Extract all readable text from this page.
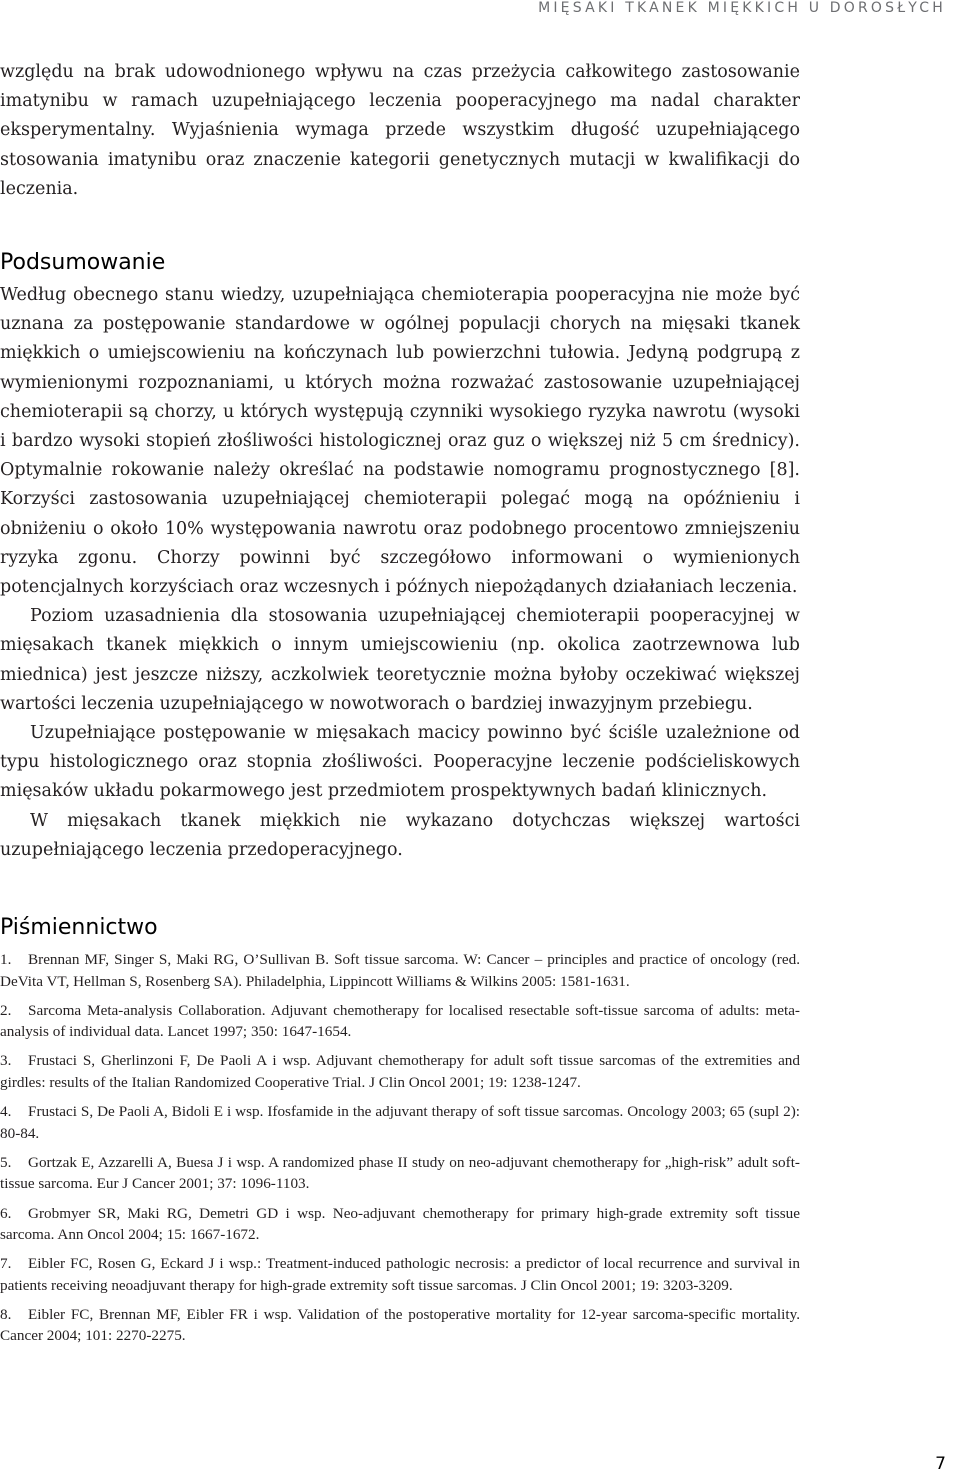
MIĘSAKI TKANEK MIĘKKICH U DOROSŁYCH

względu na brak udowodnionego wpływu na czas przeżycia całkowitego zastosowanie imatynibu w ramach uzupełniającego leczenia pooperacyjnego ma nadal charakter eksperymentalny. Wyjaśnienia wymaga przede wszystkim długość uzupełniającego stosowania imatynibu oraz znaczenie kategorii genetycznych mutacji w kwalifikacji do leczenia.

Podsumowanie

Według obecnego stanu wiedzy, uzupełniająca chemioterapia pooperacyjna nie może być uznana za postępowanie standardowe w ogólnej populacji chorych na mięsaki tkanek miękkich o umiejscowieniu na kończynach lub powierzchni tułowia. Jedyną podgrupą z wymienionymi rozpoznaniami, u których można rozważać zastosowanie uzupełniającej chemioterapii są chorzy, u których występują czynniki wysokiego ryzyka nawrotu (wysoki i bardzo wysoki stopień złośliwości histologicznej oraz guz o większej niż 5 cm średnicy). Optymalnie rokowanie należy określać na podstawie nomogramu prognostycznego [8]. Korzyści zastosowania uzupełniającej chemioterapii polegać mogą na opóźnieniu i obniżeniu o około 10% występowania nawrotu oraz podobnego procentowo zmniejszeniu ryzyka zgonu. Chorzy powinni być szczegółowo informowani o wymienionych potencjalnych korzyściach oraz wczesnych i późnych niepożądanych działaniach leczenia.

Poziom uzasadnienia dla stosowania uzupełniającej chemioterapii pooperacyjnej w mięsakach tkanek miękkich o innym umiejscowieniu (np. okolica zaotrzewnowa lub miednica) jest jeszcze niższy, aczkolwiek teoretycznie można byłoby oczekiwać większej wartości leczenia uzupełniającego w nowotworach o bardziej inwazyjnym przebiegu.

Uzupełniające postępowanie w mięsakach macicy powinno być ściśle uzależnione od typu histologicznego oraz stopnia złośliwości. Pooperacyjne leczenie podścieliskowych mięsaków układu pokarmowego jest przedmiotem prospektywnych badań klinicznych.

W mięsakach tkanek miękkich nie wykazano dotychczas większej wartości uzupełniającego leczenia przedoperacyjnego.

Piśmiennictwo
1. Brennan MF, Singer S, Maki RG, O’Sullivan B. Soft tissue sarcoma. W: Cancer – principles and practice of oncology (red. DeVita VT, Hellman S, Rosenberg SA). Philadelphia, Lippincott Williams & Wilkins 2005: 1581-1631.
2. Sarcoma Meta-analysis Collaboration. Adjuvant chemotherapy for localised resectable soft-tissue sarcoma of adults: meta-analysis of individual data. Lancet 1997; 350: 1647-1654.
3. Frustaci S, Gherlinzoni F, De Paoli A i wsp. Adjuvant chemotherapy for adult soft tissue sarcomas of the extremities and girdles: results of the Italian Randomized Cooperative Trial. J Clin Oncol 2001; 19: 1238-1247.
4. Frustaci S, De Paoli A, Bidoli E i wsp. Ifosfamide in the adjuvant therapy of soft tissue sarcomas. Oncology 2003; 65 (supl 2): 80-84.
5. Gortzak E, Azzarelli A, Buesa J i wsp. A randomized phase II study on neo-adjuvant chemotherapy for „high-risk” adult soft-tissue sarcoma. Eur J Cancer 2001; 37: 1096-1103.
6. Grobmyer SR, Maki RG, Demetri GD i wsp. Neo-adjuvant chemotherapy for primary high-grade extremity soft tissue sarcoma. Ann Oncol 2004; 15: 1667-1672.
7. Eibler FC, Rosen G, Eckard J i wsp.: Treatment-induced pathologic necrosis: a predictor of local recurrence and survival in patients receiving neoadjuvant therapy for high-grade extremity soft tissue sarcomas. J Clin Oncol 2001; 19: 3203-3209.
8. Eibler FC, Brennan MF, Eibler FR i wsp. Validation of the postoperative mortality for 12-year sarcoma-specific mortality. Cancer 2004; 101: 2270-2275.
7
